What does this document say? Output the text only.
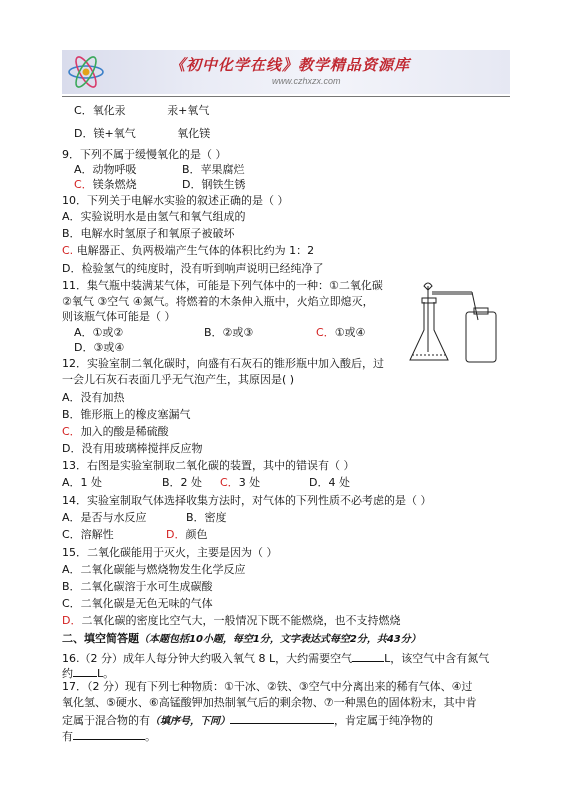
《初中化学在线》教学精品资源库
www.czhxzx.com
C．氧化汞	汞+氧气
D．镁+氧气	氧化镁
9．下列不属于缓慢氧化的是（ ）
A．动物呼吸	B．苹果腐烂
C．镁条燃烧	D．钢铁生锈
10．下列关于电解水实验的叙述正确的是（ ）
A．实验说明水是由氢气和氧气组成的
B．电解水时氢原子和氧原子被破坏
C. 电解器正、负两极端产生气体的体积比约为 1：2
D．检验氢气的纯度时，没有听到响声说明已经纯净了
11．集气瓶中装满某气体，可能是下列气体中的一种：①二氧化碳
②氧气 ③空气 ④氮气。将燃着的木条伸入瓶中，火焰立即熄灭，
则该瓶气体可能是（ ）
A．①或②	B．②或③	C．①或④
D．③或④
12．实验室制二氧化碳时，向盛有石灰石的锥形瓶中加入酸后，过
一会儿石灰石表面几乎无气泡产生，其原因是( )
A．没有加热
B．锥形瓶上的橡皮塞漏气
C．加入的酸是稀硫酸
D．没有用玻璃棒搅拌反应物
13．右图是实验室制取二氧化碳的装置，其中的错误有（ ）
A．1 处	B．2 处 C．3 处	D．4 处
14．实验室制取气体选择收集方法时，对气体的下列性质不必考虑的是（ ）
A．是否与水反应	B．密度
C．溶解性	D．颜色
15．二氧化碳能用于灭火，主要是因为（ ）
A．二氧化碳能与燃烧物发生化学反应
B．二氧化碳溶于水可生成碳酸
C．二氧化碳是无色无味的气体
D．二氧化碳的密度比空气大，一般情况下既不能燃烧，也不支持燃烧
二、填空简答题（本题包括10小题，每空1分，文字表达式每空2分，共43分）
16.（2 分）成年人每分钟大约吸入氧气 8 L，大约需要空气	L，该空气中含有氮气
约 L。
17．（2 分）现有下列七种物质：①干冰、②铁、③空气中分离出来的稀有气体、④过
氧化氢、⑤硬水、⑥高锰酸钾加热制氧气后的剩余物、⑦一种黑色的固体粉末，其中肯
定属于混合物的有（填序号，下同）	，肯定属于纯净物的
有	。
